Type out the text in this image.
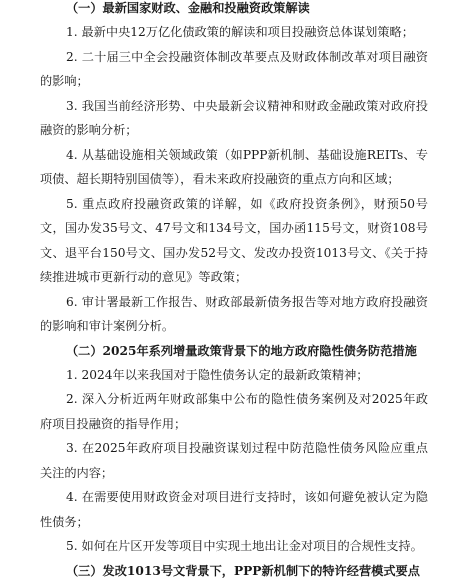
（一）最新国家财政、金融和投融资政策解读

1. 最新中央12万亿化债政策的解读和项目投融资总体谋划策略；

2. 二十届三中全会投融资体制改革要点及财政体制改革对项目融资的影响；

3. 我国当前经济形势、中央最新会议精神和财政金融政策对政府投融资的影响分析；

4. 从基础设施相关领域政策（如PPP新机制、基础设施REITs、专项债、超长期特别国债等），看未来政府投融资的重点方向和区域；

5. 重点政府投融资政策的详解，如《政府投资条例》，财预50号文，国办发35号文、47号文和134号文，国办函115号文，财资108号文、退平台150号文、国办发52号文、发改办投资1013号文、《关于持续推进城市更新行动的意见》等政策；

6. 审计署最新工作报告、财政部最新债务报告等对地方政府投融资的影响和审计案例分析。

（二）2025年系列增量政策背景下的地方政府隐性债务防范措施

1. 2024年以来我国对于隐性债务认定的最新政策精神；

2. 深入分析近两年财政部集中公布的隐性债务案例及对2025年政府项目投融资的指导作用；

3. 在2025年政府项目投融资谋划过程中防范隐性债务风险应重点关注的内容；

4. 在需要使用财政资金对项目进行支持时，该如何避免被认定为隐性债务；

5. 如何在片区开发等项目中实现土地出让金对项目的合规性支持。

（三）发改1013号文背景下，PPP新机制下的特许经营模式要点
